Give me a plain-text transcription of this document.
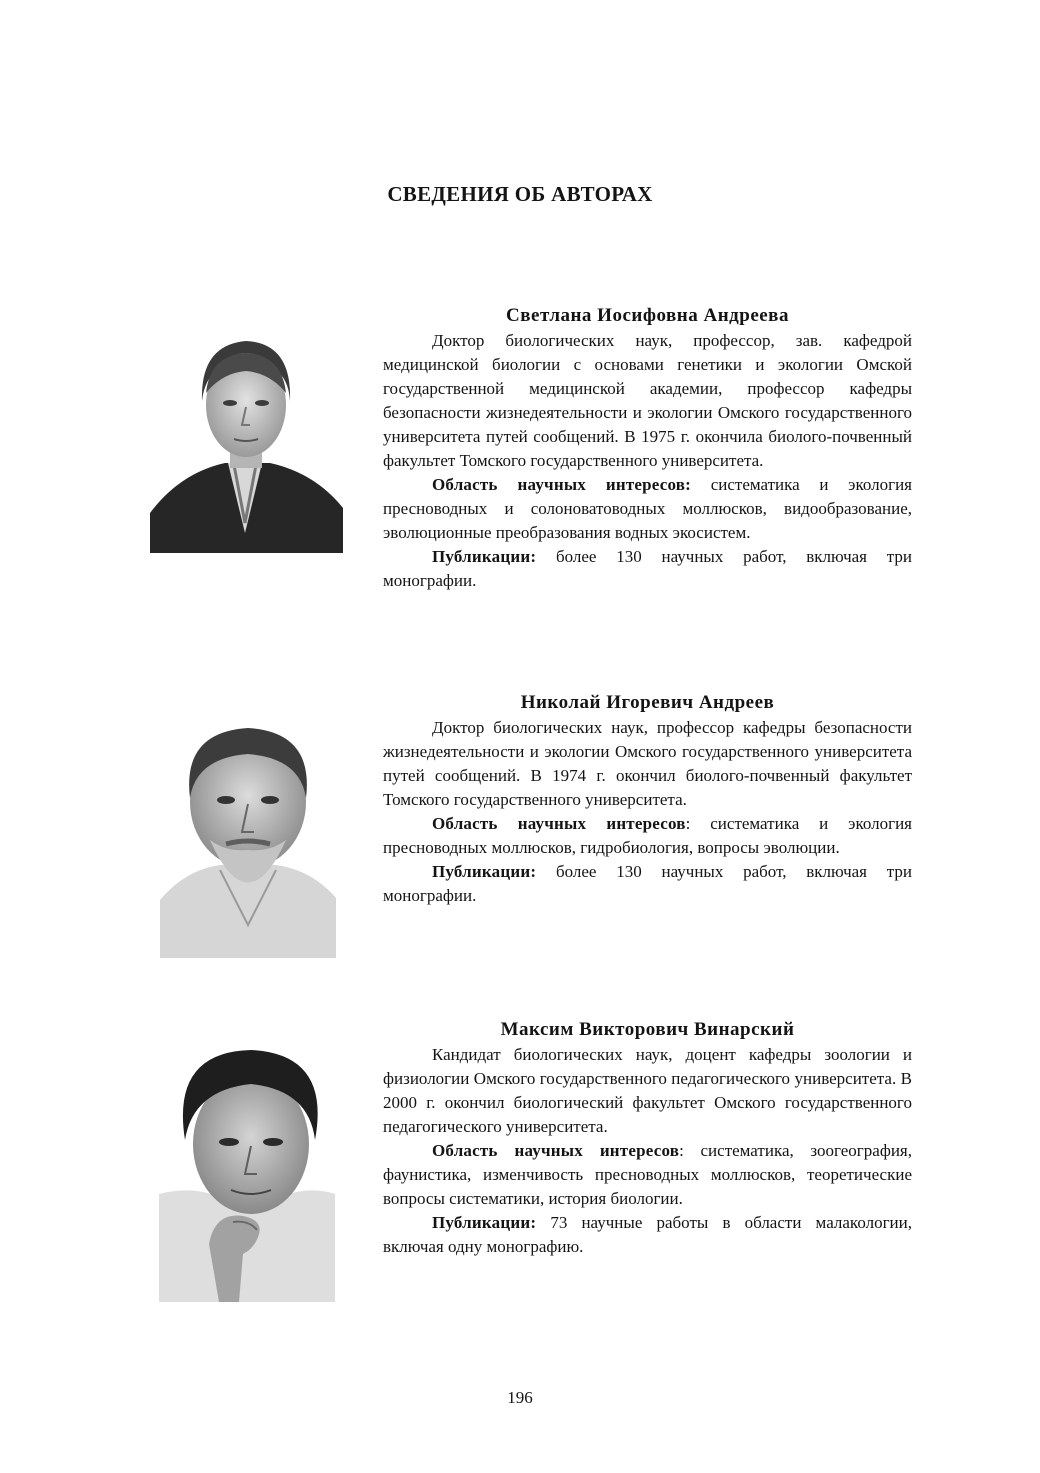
СВЕДЕНИЯ ОБ АВТОРАХ
Светлана Иосифовна Андреева

Доктор биологических наук, профессор, зав. кафедрой медицинской биологии с основами генетики и экологии Омской государственной медицинской академии, профессор кафедры безопасности жизнедеятельности и экологии Омского государственного университета путей сообщений. В 1975 г. окончила биолого-почвенный факультет Томского государственного университета.

Область научных интересов: систематика и экология пресноводных и солоноватоводных моллюсков, видообразование, эволюционные преобразования водных экосистем.

Публикации: более 130 научных работ, включая три монографии.

Николай Игоревич Андреев

Доктор биологических наук, профессор кафедры безопасности жизнедеятельности и экологии Омского государственного университета путей сообщений. В 1974 г. окончил биолого-почвенный факультет Томского государственного университета.

Область научных интересов: систематика и экология пресноводных моллюсков, гидробиология, вопросы эволюции.

Публикации: более 130 научных работ, включая три монографии.

Максим Викторович Винарский

Кандидат биологических наук, доцент кафедры зоологии и физиологии Омского государственного педагогического университета. В 2000 г. окончил биологический факультет Омского государственного педагогического университета.

Область научных интересов: систематика, зоогеография, фаунистика, изменчивость пресноводных моллюсков, теоретические вопросы систематики, история биологии.

Публикации: 73 научные работы в области малакологии, включая одну монографию.

196
